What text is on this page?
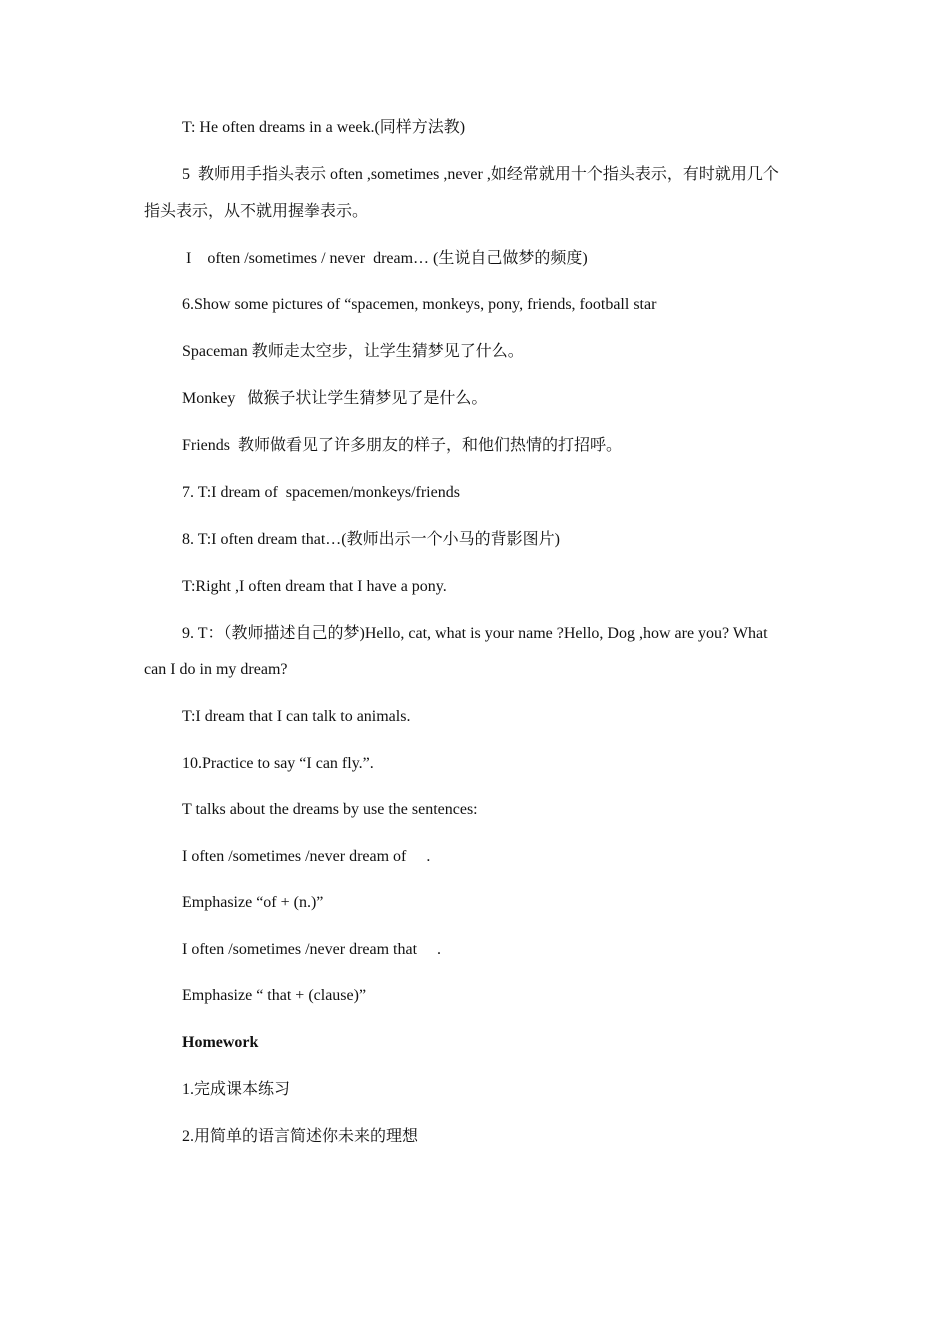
T: He often dreams in a week.(同样方法教)
5  教师用手指头表示 often ,sometimes ,never ,如经常就用十个指头表示，有时就用几个
指头表示，从不就用握拳表示。
I    often /sometimes / never  dream… (生说自己做梦的频度)
6.Show some pictures of “spacemen, monkeys, pony, friends, football star
Spaceman 教师走太空步，让学生猜梦见了什么。
Monkey   做猴子状让学生猜梦见了是什么。
Friends  教师做看见了许多朋友的样子，和他们热情的打招呼。
7. T:I dream of  spacemen/monkeys/friends
8. T:I often dream that…(教师出示一个小马的背影图片)
T:Right ,I often dream that I have a pony.
9. T：（教师描述自己的梦)Hello, cat, what is your name ?Hello, Dog ,how are you? What
can I do in my dream?
T:I dream that I can talk to animals.
10.Practice to say “I can fly.”.
T talks about the dreams by use the sentences:
I often /sometimes /never dream of     .
Emphasize “of + (n.)”
I often /sometimes /never dream that     .
Emphasize “ that + (clause)”
Homework
1.完成课本练习
2.用简单的语言简述你未来的理想
